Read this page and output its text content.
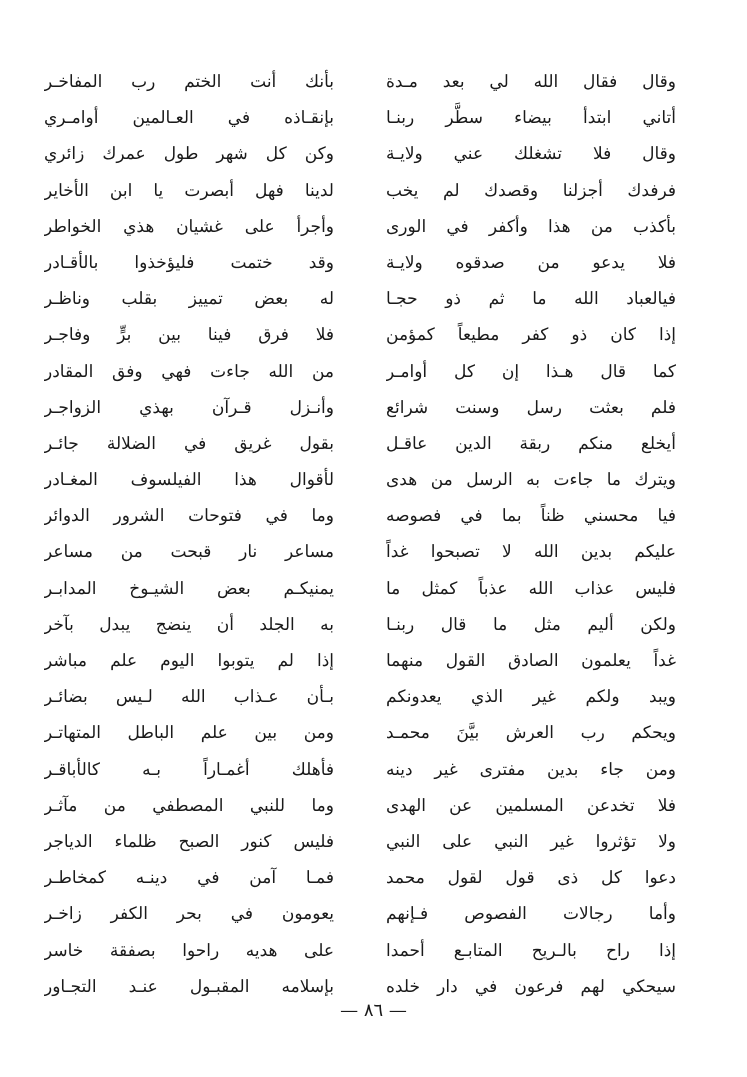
وقال فقال الله لي بعد مـدة
أتاني ابتدأ بيضاء سطَّر ربنـا
وقال فلا تشغلك عني ولايـة
فرفدك أجزلنا وقصدك لم يخب
بأكذب من هذا وأكفر في الورى
فلا يدعو من صدقوه ولايـة
فيالعباد الله ما ثم ذو حجـا
إذا كان ذو كفر مطيعاً كمؤمن
كما قال هـذا إن كل أوامـر
فلم بعثت رسل وسنت شرائع
أيخلع منكم ربقة الدين عاقـل
ويترك ما جاءت به الرسل من هدى
فيا محسني ظناً بما في فصوصه
عليكم بدين الله لا تصبحوا غداً
فليس عذاب الله عذباً كمثل ما
ولكن أليم مثل ما قال ربنـا
غداً يعلمون الصادق القول منهما
ويبد ولكم غير الذي يعدونكم
ويحكم رب العرش بيَّنَ محمـد
ومن جاء بدين مفترى غير دينه
فلا تخدعن المسلمين عن الهدى
ولا تؤثروا غير النبي على النبي
دعوا كل ذى قول لقول محمد
وأما رجالات الفصوص فـإنهم
إذا راح بالـريح المتابـع أحمدا
سيحكي لهم فرعون في دار خلده
بأنك أنت الختم رب المفاخـر
بإنقـاذه في العـالمين أوامـري
وكن كل شهر طول عمرك زائري
لدينا فهل أبصرت يا ابن الأخاير
وأجرأ على غشيان هذي الخواطر
وقد ختمت فليؤخذوا بالأقـادر
له بعض تمييز بقلب وناظـر
فلا فرق فينا بين برٍّ وفاجـر
من الله جاءت فهي وفق المقادر
وأنـزل قـرآن بهذي الزواجـر
بقول غريق في الضلالة جائـر
لأقوال هذا الفيلسوف المغـادر
وما في فتوحات الشرور الدوائر
مساعر نار قبحت من مساعر
يمنيكـم بعض الشيـوخ المدابـر
به الجلد أن ينضج يبدل بآخر
إذا لم يتوبوا اليوم علم مباشر
بـأن عـذاب الله لـيس بضائـر
ومن بين علم الباطل المتهاتـر
فأهلك أغمـاراً بـه كالأباقـر
وما للنبي المصطفي من مآثـر
فليس كنور الصبح ظلماء الدياجر
فمـا آمن في دينـه كمخاطـر
يعومون في بحر الكفر زاخـر
على هديه راحوا بصفقة خاسر
بإسلامه المقبـول عنـد التجـاور
— ٨٦ —
